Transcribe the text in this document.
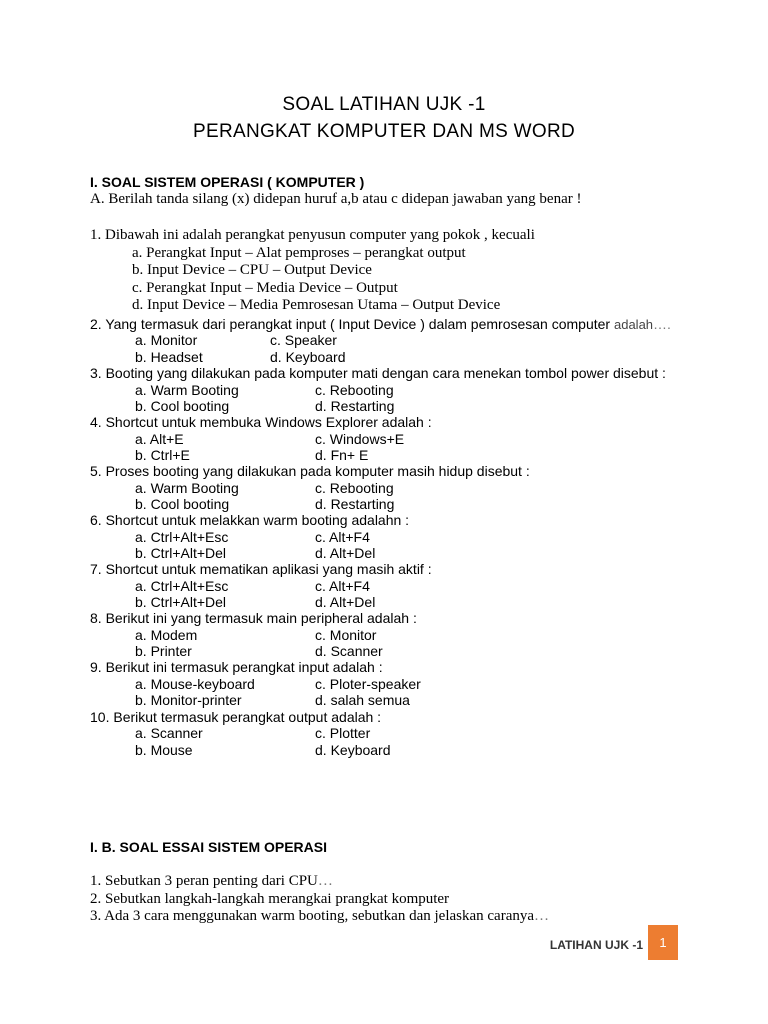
SOAL LATIHAN UJK -1
PERANGKAT KOMPUTER DAN MS WORD
I. SOAL SISTEM OPERASI ( KOMPUTER )
A. Berilah tanda silang (x) didepan huruf a,b atau c didepan jawaban yang benar !
1. Dibawah ini adalah perangkat penyusun computer yang pokok , kecuali
a. Perangkat Input – Alat pemproses – perangkat output
b. Input Device – CPU – Output Device
c. Perangkat Input – Media Device – Output
d. Input Device – Media Pemrosesan Utama – Output Device
2. Yang termasuk dari perangkat input ( Input Device ) dalam pemrosesan computer adalah….
a. Monitor	c. Speaker
b. Headset	d. Keyboard
3. Booting yang dilakukan pada komputer mati dengan cara menekan tombol power disebut :
a. Warm Booting	c. Rebooting
b. Cool booting	d. Restarting
4. Shortcut untuk membuka Windows Explorer adalah :
a. Alt+E	c. Windows+E
b. Ctrl+E	d. Fn+ E
5. Proses booting yang dilakukan pada komputer masih hidup disebut :
a. Warm Booting	c. Rebooting
b. Cool booting	d. Restarting
6. Shortcut untuk melakkan warm booting adalahn :
a. Ctrl+Alt+Esc	c. Alt+F4
b. Ctrl+Alt+Del	d. Alt+Del
7. Shortcut untuk mematikan aplikasi yang masih aktif :
a. Ctrl+Alt+Esc	c. Alt+F4
b. Ctrl+Alt+Del	d. Alt+Del
8. Berikut ini yang termasuk main peripheral adalah :
a. Modem	c. Monitor
b. Printer	d. Scanner
9. Berikut ini termasuk perangkat input adalah :
a. Mouse-keyboard	c. Ploter-speaker
b. Monitor-printer	d. salah semua
10. Berikut termasuk perangkat output adalah :
a. Scanner	c. Plotter
b. Mouse	d. Keyboard
I. B. SOAL ESSAI SISTEM OPERASI
1. Sebutkan 3 peran penting dari CPU…
2. Sebutkan langkah-langkah merangkai prangkat komputer
3. Ada 3 cara menggunakan warm booting, sebutkan dan jelaskan caranya…
LATIHAN UJK -1	1
